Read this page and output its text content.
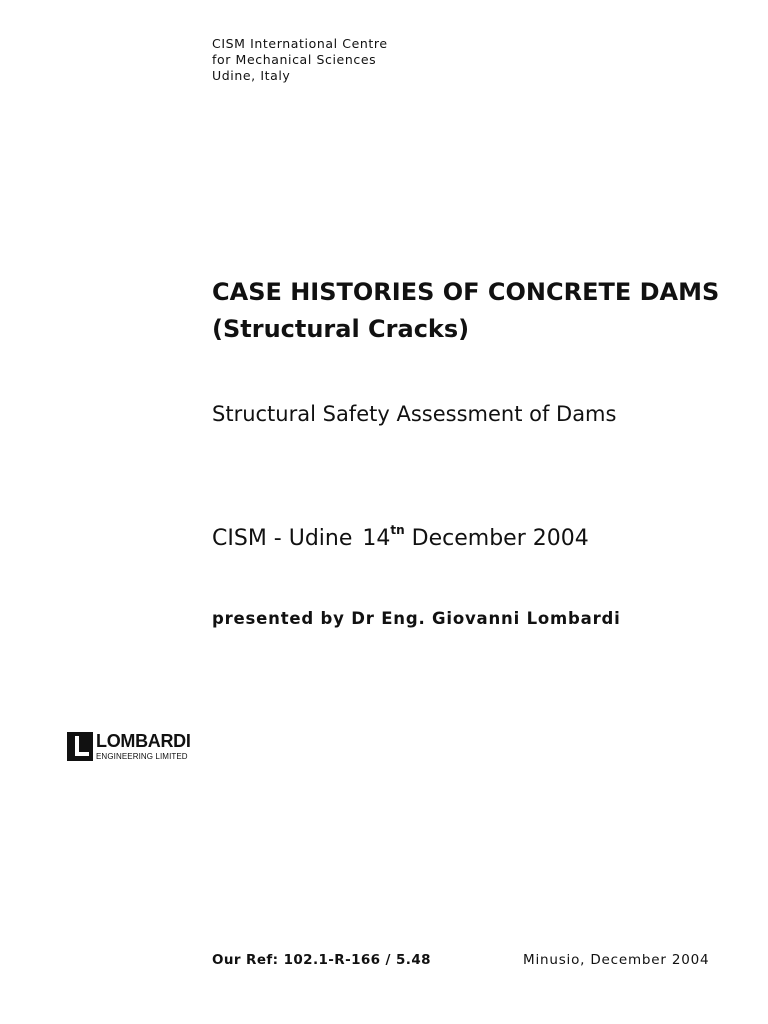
CISM International Centre
for Mechanical Sciences
Udine, Italy
CASE HISTORIES OF CONCRETE DAMS
(Structural Cracks)
Structural Safety Assessment of Dams
CISM - Udine $14^{tn}$ December 2004
presented by Dr Eng. Giovanni Lombardi
LOMBARDI
ENGINEERING LIMITED
Our Ref: 102.1-R-166 / 5.48	Minusio, December 2004
